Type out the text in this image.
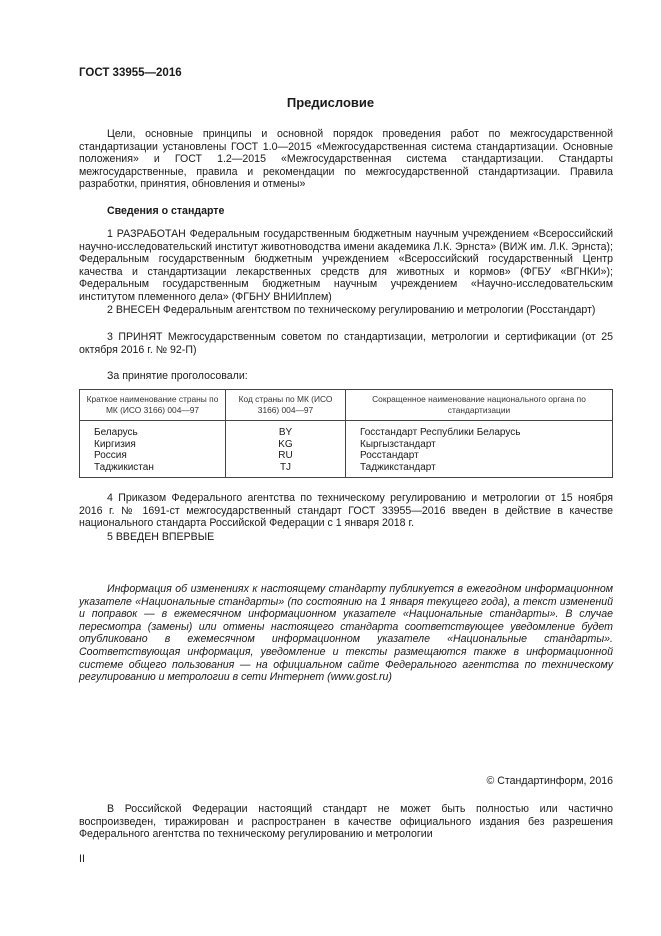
ГОСТ 33955—2016
Предисловие
Цели, основные принципы и основной порядок проведения работ по межгосударственной стандартизации установлены ГОСТ 1.0—2015 «Межгосударственная система стандартизации. Основные положения» и ГОСТ 1.2—2015 «Межгосударственная система стандартизации. Стандарты межгосударственные, правила и рекомендации по межгосударственной стандартизации. Правила разработки, принятия, обновления и отмены»
Сведения о стандарте
1 РАЗРАБОТАН Федеральным государственным бюджетным научным учреждением «Всероссийский научно-исследовательский институт животноводства имени академика Л.К. Эрнста» (ВИЖ им. Л.К. Эрнста); Федеральным государственным бюджетным учреждением «Всероссийский государственный Центр качества и стандартизации лекарственных средств для животных и кормов» (ФГБУ «ВГНКИ»); Федеральным государственным бюджетным научным учреждением «Научно-исследовательским институтом племенного дела» (ФГБНУ ВНИИплем)
2 ВНЕСЕН Федеральным агентством по техническому регулированию и метрологии (Росстандарт)
3 ПРИНЯТ Межгосударственным советом по стандартизации, метрологии и сертификации (от 25 октября 2016 г. № 92-П)
За принятие проголосовали:
Краткое наименование страны по МК (ИСО 3166) 004—97	Код страны по МК (ИСО 3166) 004—97	Сокращенное наименование национального органа по стандартизации
Беларусь	BY	Госстандарт Республики Беларусь
Киргизия	KG	Кыргызстандарт
Россия	RU	Росстандарт
Таджикистан	TJ	Таджикстандарт
4 Приказом Федерального агентства по техническому регулированию и метрологии от 15 ноября 2016 г. № 1691-ст межгосударственный стандарт ГОСТ 33955—2016 введен в действие в качестве национального стандарта Российской Федерации с 1 января 2018 г.
5 ВВЕДЕН ВПЕРВЫЕ
Информация об изменениях к настоящему стандарту публикуется в ежегодном информационном указателе «Национальные стандарты» (по состоянию на 1 января текущего года), а текст изменений и поправок — в ежемесячном информационном указателе «Национальные стандарты». В случае пересмотра (замены) или отмены настоящего стандарта соответствующее уведомление будет опубликовано в ежемесячном информационном указателе «Национальные стандарты». Соответствующая информация, уведомление и тексты размещаются также в информационной системе общего пользования — на официальном сайте Федерального агентства по техническому регулированию и метрологии в сети Интернет (www.gost.ru)
© Стандартинформ, 2016
В Российской Федерации настоящий стандарт не может быть полностью или частично воспроизведен, тиражирован и распространен в качестве официального издания без разрешения Федерального агентства по техническому регулированию и метрологии
II
